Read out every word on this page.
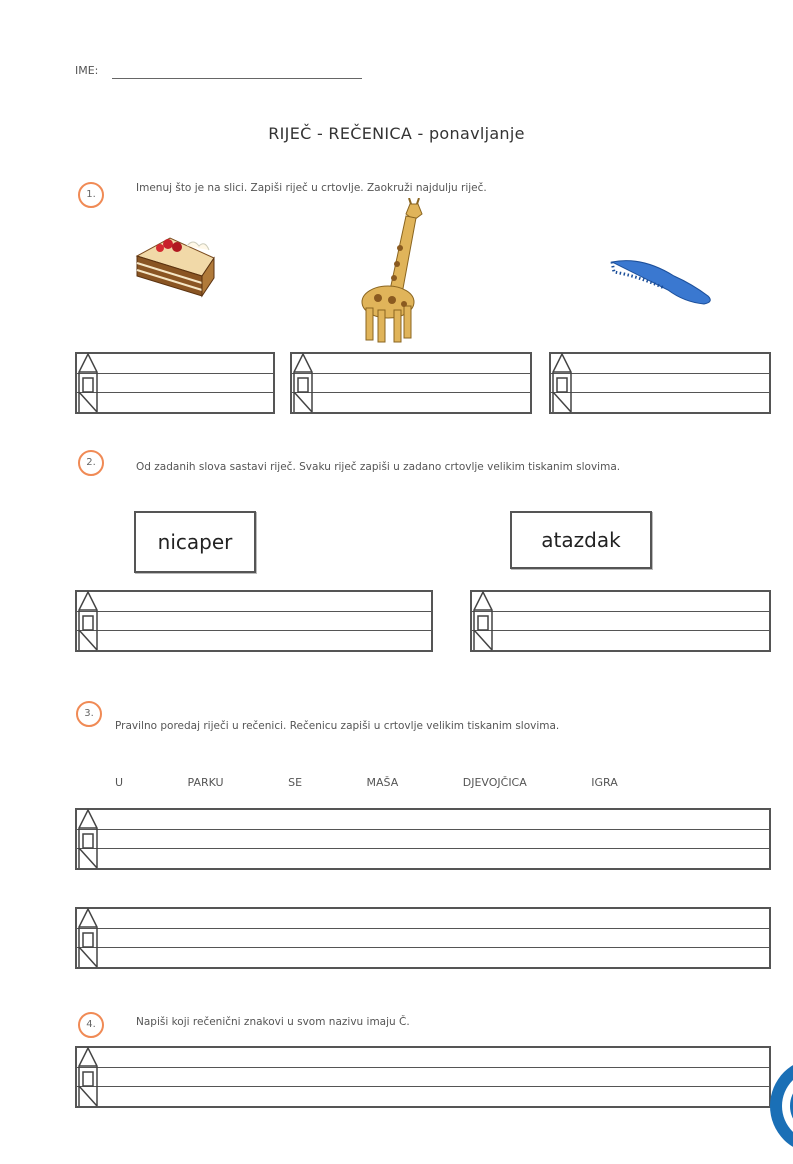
IME:
RIJEČ - REČENICA - ponavljanje
1.
Imenuj što je na slici. Zapiši riječ u crtovlje. Zaokruži najdulju riječ.
2.	Od zadanih slova sastavi riječ. Svaku riječ zapiši u zadano crtovlje velikim tiskanim slovima.
nicaper	atazdak
3.
Pravilno poredaj riječi u rečenici. Rečenicu zapiši u crtovlje velikim tiskanim slovima.
U   PARKU   SE   MAŠA   DJEVOJČICA   IGRA
4.	Napiši koji rečenični znakovi u svom nazivu imaju Č.
